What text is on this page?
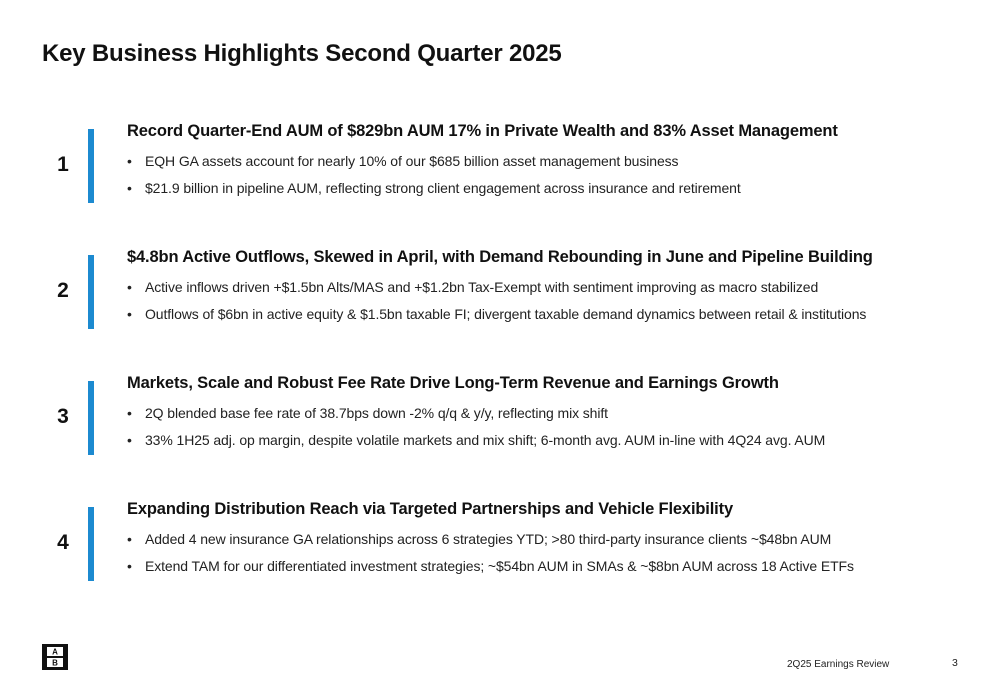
Key Business Highlights Second Quarter 2025
1
Record Quarter-End AUM of $829bn AUM 17% in Private Wealth and 83% Asset Management
• EQH GA assets account for nearly 10% of our $685 billion asset management business
• $21.9 billion in pipeline AUM, reflecting strong client engagement across insurance and retirement
2
$4.8bn Active Outflows, Skewed in April, with Demand Rebounding in June and Pipeline Building
• Active inflows driven +$1.5bn Alts/MAS and +$1.2bn Tax-Exempt with sentiment improving as macro stabilized
• Outflows of $6bn in active equity & $1.5bn taxable FI; divergent taxable demand dynamics between retail & institutions
3
Markets, Scale and Robust Fee Rate Drive Long-Term Revenue and Earnings Growth
• 2Q blended base fee rate of 38.7bps down -2% q/q & y/y, reflecting mix shift
• 33% 1H25 adj. op margin, despite volatile markets and mix shift; 6-month avg. AUM in-line with 4Q24 avg. AUM
4
Expanding Distribution Reach via Targeted Partnerships and Vehicle Flexibility
• Added 4 new insurance GA relationships across 6 strategies YTD; >80 third-party insurance clients ~$48bn AUM
• Extend TAM for our differentiated investment strategies; ~$54bn AUM in SMAs & ~$8bn AUM across 18 Active ETFs
A
B	2Q25 Earnings Review	3
